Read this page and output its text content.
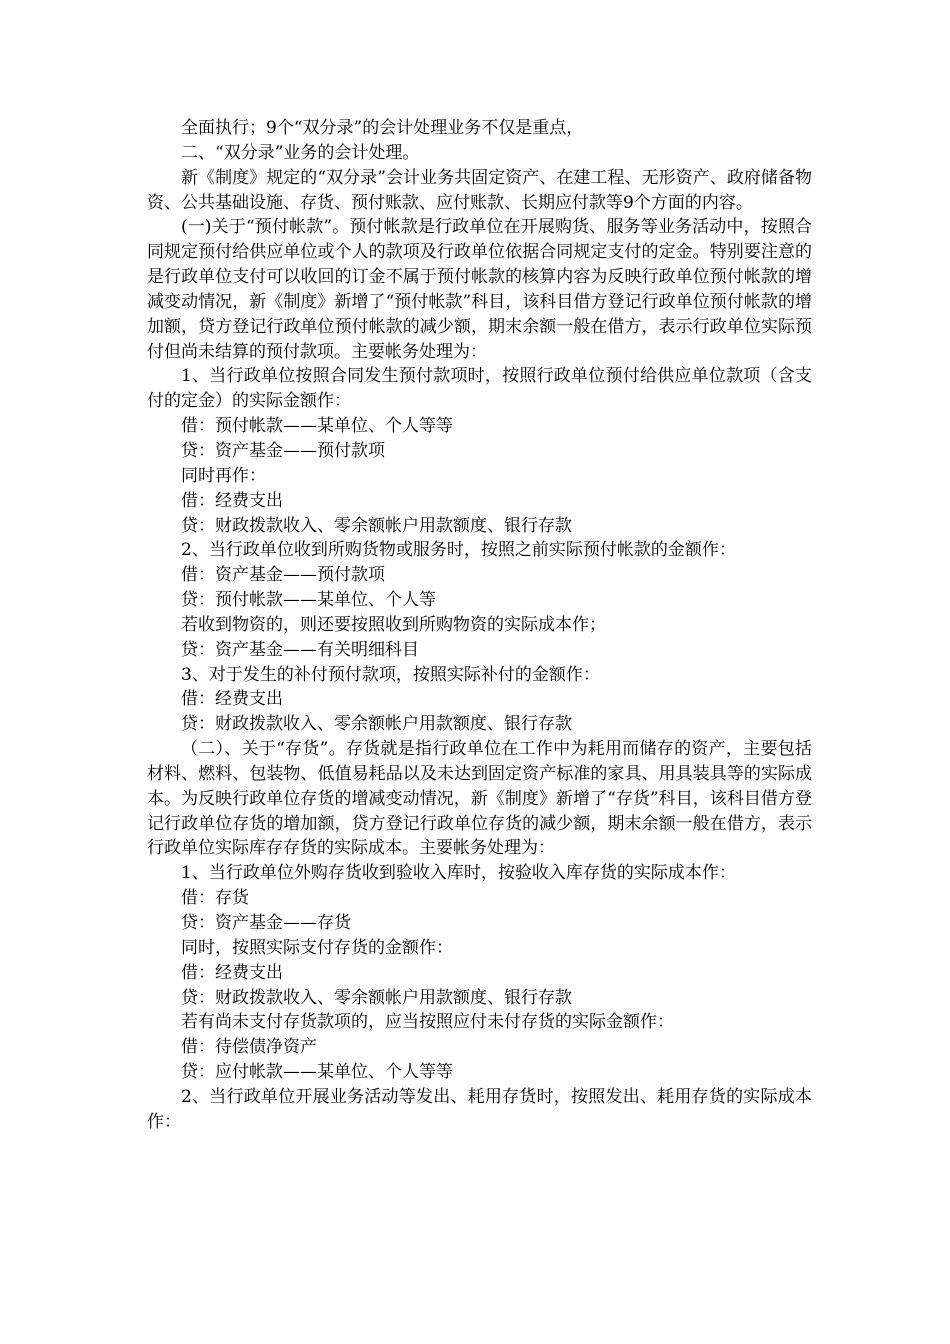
全面执行；9个“双分录”的会计处理业务不仅是重点，

二、“双分录”业务的会计处理。

新《制度》规定的“双分录”会计业务共固定资产、在建工程、无形资产、政府储备物资、公共基础设施、存货、预付账款、应付账款、长期应付款等9个方面的内容。

(一)关于“预付帐款”。预付帐款是行政单位在开展购货、服务等业务活动中，按照合同规定预付给供应单位或个人的款项及行政单位依据合同规定支付的定金。特别要注意的是行政单位支付可以收回的订金不属于预付帐款的核算内容为反映行政单位预付帐款的增减变动情况，新《制度》新增了“预付帐款”科目，该科目借方登记行政单位预付帐款的增加额，贷方登记行政单位预付帐款的减少额，期末余额一般在借方，表示行政单位实际预付但尚未结算的预付款项。主要帐务处理为：

1、当行政单位按照合同发生预付款项时，按照行政单位预付给供应单位款项（含支付的定金）的实际金额作：

借：预付帐款——某单位、个人等等

贷：资产基金——预付款项

同时再作：

借：经费支出

贷：财政拨款收入、零余额帐户用款额度、银行存款

2、当行政单位收到所购货物或服务时，按照之前实际预付帐款的金额作：

借：资产基金——预付款项

贷：预付帐款——某单位、个人等

若收到物资的，则还要按照收到所购物资的实际成本作；

贷：资产基金——有关明细科目

3、对于发生的补付预付款项，按照实际补付的金额作：

借：经费支出

贷：财政拨款收入、零余额帐户用款额度、银行存款

（二）、关于“存货”。存货就是指行政单位在工作中为耗用而储存的资产，主要包括材料、燃料、包装物、低值易耗品以及未达到固定资产标准的家具、用具装具等的实际成本。为反映行政单位存货的增减变动情况，新《制度》新增了“存货”科目，该科目借方登记行政单位存货的增加额，贷方登记行政单位存货的减少额，期末余额一般在借方，表示行政单位实际库存存货的实际成本。主要帐务处理为：

1、当行政单位外购存货收到验收入库时，按验收入库存货的实际成本作：

借：存货

贷：资产基金——存货

同时，按照实际支付存货的金额作：

借：经费支出

贷：财政拨款收入、零余额帐户用款额度、银行存款

若有尚未支付存货款项的，应当按照应付未付存货的实际金额作：

借：待偿债净资产

贷：应付帐款——某单位、个人等等

2、当行政单位开展业务活动等发出、耗用存货时，按照发出、耗用存货的实际成本作：
